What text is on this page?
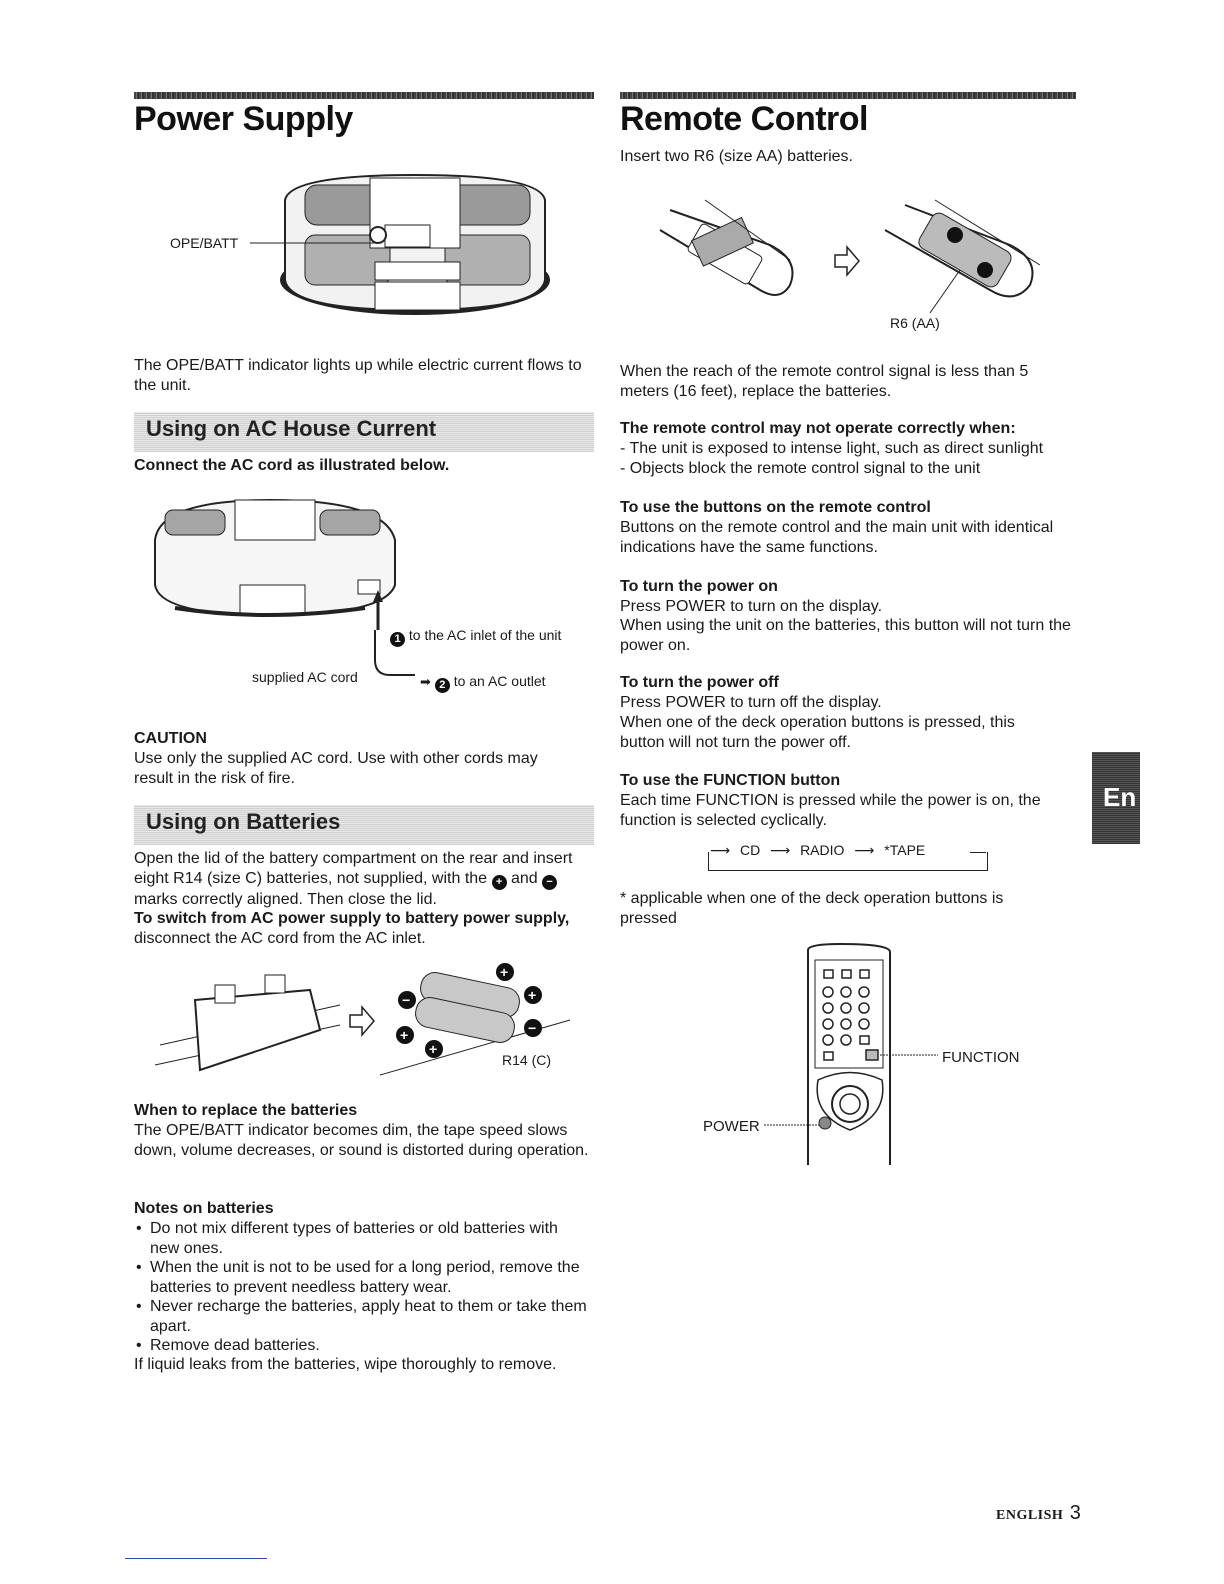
Power Supply
OPE/BATT
The OPE/BATT indicator lights up while electric current flows to the unit.
Using on AC House Current
Connect the AC cord as illustrated below.
1 to the AC inlet of the unit
supplied AC cord	➡ 2 to an AC outlet
CAUTION
Use only the supplied AC cord. Use with other cords may result in the risk of fire.
Using on Batteries
Open the lid of the battery compartment on the rear and insert eight R14 (size C) batteries, not supplied, with the + and − marks correctly aligned. Then close the lid.
To switch from AC power supply to battery power supply, disconnect the AC cord from the AC inlet.
−
+
+
+	−
+
R14 (C)
When to replace the batteries
The OPE/BATT indicator becomes dim, the tape speed slows down, volume decreases, or sound is distorted during operation.
Notes on batteries
• Do not mix different types of batteries or old batteries with new ones.
• When the unit is not to be used for a long period, remove the batteries to prevent needless battery wear.
• Never recharge the batteries, apply heat to them or take them apart.
• Remove dead batteries.
If liquid leaks from the batteries, wipe thoroughly to remove.
Remote Control
Insert two R6 (size AA) batteries.
R6 (AA)
When the reach of the remote control signal is less than 5 meters (16 feet), replace the batteries.
The remote control may not operate correctly when:
- The unit is exposed to intense light, such as direct sunlight
- Objects block the remote control signal to the unit
To use the buttons on the remote control
Buttons on the remote control and the main unit with identical indications have the same functions.
To turn the power on
Press POWER to turn on the display.
When using the unit on the batteries, this button will not turn the power on.
To turn the power off
Press POWER to turn off the display.
When one of the deck operation buttons is pressed, this button will not turn the power off.
To use the FUNCTION button
Each time FUNCTION is pressed while the power is on, the function is selected cyclically.
⟶ CD ⟶ RADIO ⟶ *TAPE
* applicable when one of the deck operation buttons is pressed
FUNCTION
POWER
En
ENGLISH 3
